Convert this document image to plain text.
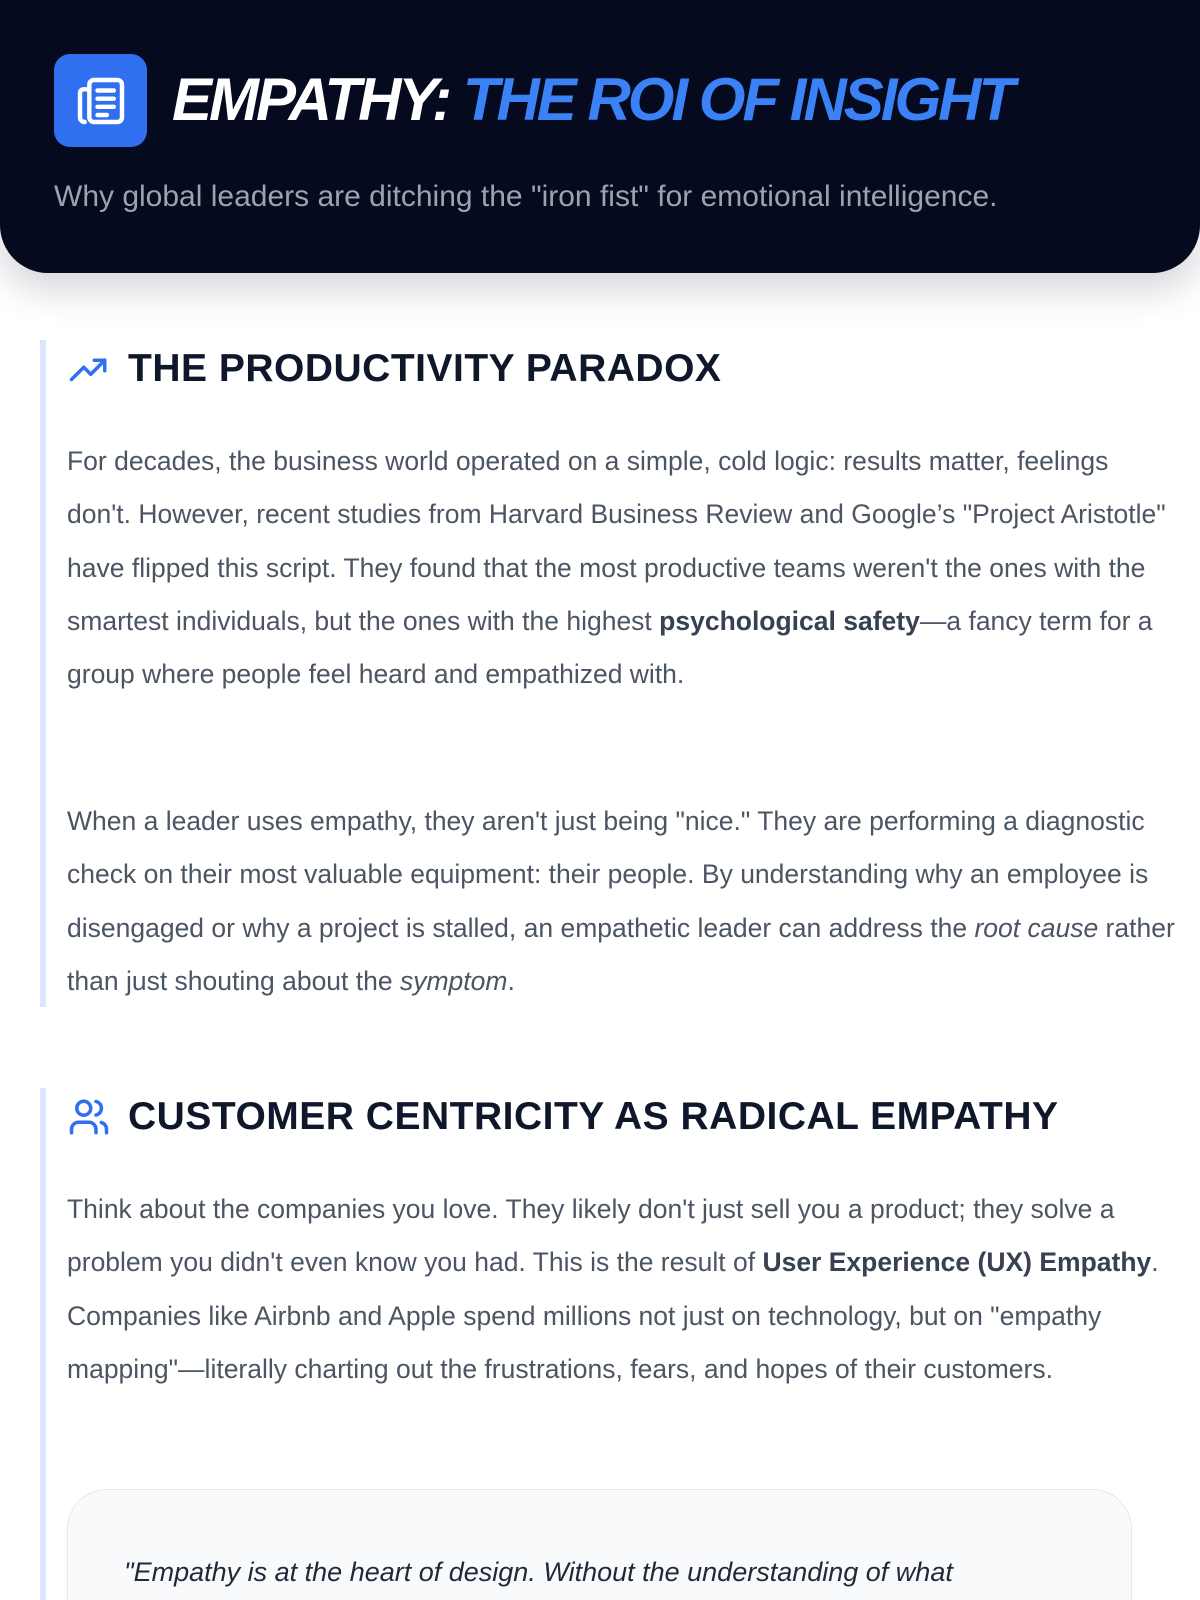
EMPATHY: THE ROI OF INSIGHT

Why global leaders are ditching the "iron fist" for emotional intelligence.

THE PRODUCTIVITY PARADOX

For decades, the business world operated on a simple, cold logic: results matter, feelings don't. However, recent studies from Harvard Business Review and Google’s "Project Aristotle" have flipped this script. They found that the most productive teams weren't the ones with the smartest individuals, but the ones with the highest psychological safety—a fancy term for a group where people feel heard and empathized with.

When a leader uses empathy, they aren't just being "nice." They are performing a diagnostic check on their most valuable equipment: their people. By understanding why an employee is disengaged or why a project is stalled, an empathetic leader can address the root cause rather than just shouting about the symptom.

CUSTOMER CENTRICITY AS RADICAL EMPATHY

Think about the companies you love. They likely don't just sell you a product; they solve a problem you didn't even know you had. This is the result of User Experience (UX) Empathy. Companies like Airbnb and Apple spend millions not just on technology, but on "empathy mapping"—literally charting out the frustrations, fears, and hopes of their customers.

"Empathy is at the heart of design. Without the understanding of what
